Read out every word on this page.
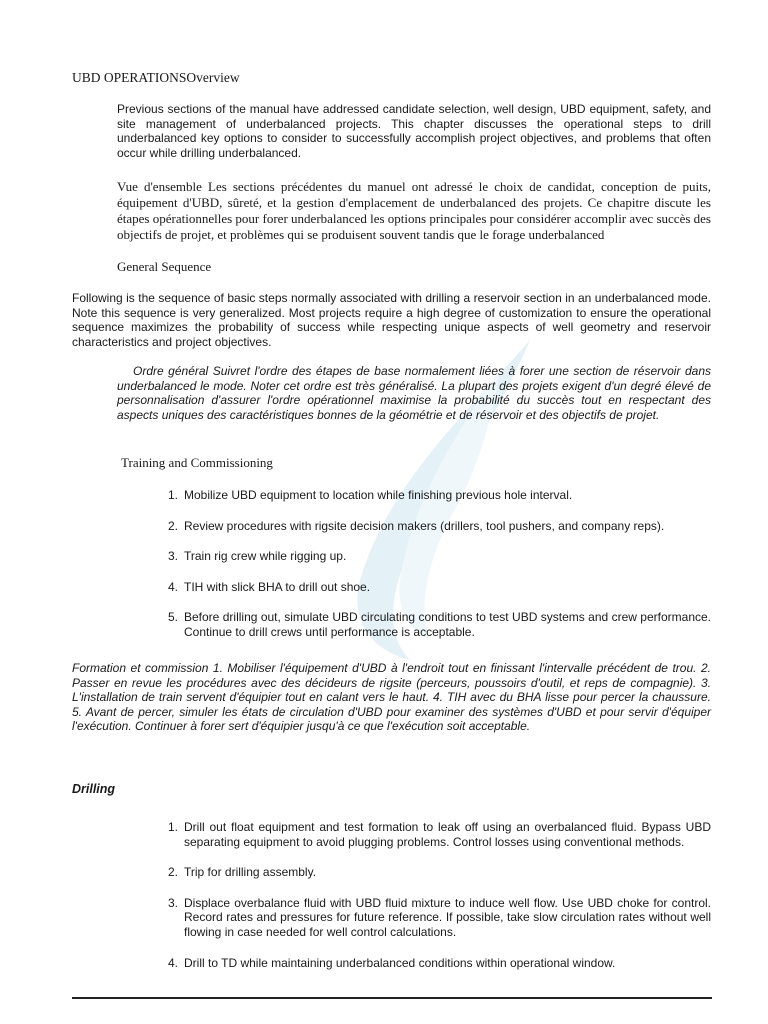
UBD OPERATIONSOverview

Previous sections of the manual have addressed candidate selection, well design, UBD equipment, safety, and site management of underbalanced projects. This chapter discusses the operational steps to drill underbalanced key options to consider to successfully accomplish project objectives, and problems that often occur while drilling underbalanced.

Vue d'ensemble Les sections précédentes du manuel ont adressé le choix de candidat, conception de puits, équipement d'UBD, sûreté, et la gestion d'emplacement de underbalanced des projets. Ce chapitre discute les étapes opérationnelles pour forer underbalanced les options principales pour considérer accomplir avec succès des objectifs de projet, et problèmes qui se produisent souvent tandis que le forage underbalanced

General Sequence

Following is the sequence of basic steps normally associated with drilling a reservoir section in an underbalanced mode. Note this sequence is very generalized. Most projects require a high degree of customization to ensure the operational sequence maximizes the probability of success while respecting unique aspects of well geometry and reservoir characteristics and project objectives.

Ordre général Suivret l'ordre des étapes de base normalement liées à forer une section de réservoir dans underbalanced le mode. Noter cet ordre est très généralisé. La plupart des projets exigent d'un degré élevé de personnalisation d'assurer l'ordre opérationnel maximise la probabilité du succès tout en respectant des aspects uniques des caractéristiques bonnes de la géométrie et de réservoir et des objectifs de projet.

Training and Commissioning
1. Mobilize UBD equipment to location while finishing previous hole interval.
2. Review procedures with rigsite decision makers (drillers, tool pushers, and company reps).
3. Train rig crew while rigging up.
4. TIH with slick BHA to drill out shoe.
5. Before drilling out, simulate UBD circulating conditions to test UBD systems and crew performance. Continue to drill crews until performance is acceptable.

Formation et commission 1. Mobiliser l'équipement d'UBD à l'endroit tout en finissant l'intervalle précédent de trou. 2. Passer en revue les procédures avec des décideurs de rigsite (perceurs, poussoirs d'outil, et reps de compagnie). 3. L'installation de train servent d'équipier tout en calant vers le haut. 4. TIH avec du BHA lisse pour percer la chaussure. 5. Avant de percer, simuler les états de circulation d'UBD pour examiner des systèmes d'UBD et pour servir d'équiper l'exécution. Continuer à forer sert d'équipier jusqu'à ce que l'exécution soit acceptable.

Drilling
1. Drill out float equipment and test formation to leak off using an overbalanced fluid. Bypass UBD separating equipment to avoid plugging problems. Control losses using conventional methods.
2. Trip for drilling assembly.
3. Displace overbalance fluid with UBD fluid mixture to induce well flow. Use UBD choke for control. Record rates and pressures for future reference. If possible, take slow circulation rates without well flowing in case needed for well control calculations.
4. Drill to TD while maintaining underbalanced conditions within operational window.
